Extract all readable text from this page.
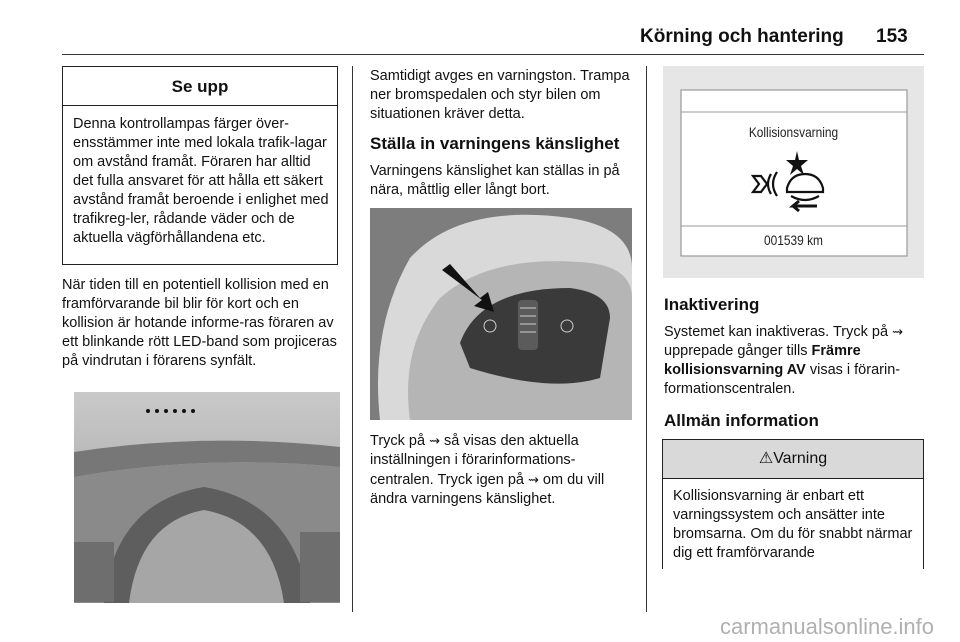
Körning och hantering 153
Se upp
Denna kontrollampas färger över-ensstämmer inte med lokala trafik-lagar om avstånd framåt. Föraren har alltid det fulla ansvaret för att hålla ett säkert avstånd framåt beroende i enlighet med trafikreg-ler, rådande väder och de aktuella vägförhållandena etc.
När tiden till en potentiell kollision med en framförvarande bil blir för kort och en kollision är hotande informe-ras föraren av ett blinkande rött LED-band som projiceras på vindrutan i förarens synfält.
Samtidigt avges en varningston. Trampa ner bromspedalen och styr bilen om situationen kräver detta.
Ställa in varningens känslighet
Varningens känslighet kan ställas in på nära, måttlig eller långt bort.
Tryck på ⇝ så visas den aktuella inställningen i förarinformations-centralen. Tryck igen på ⇝ om du vill ändra varningens känslighet.
Kollisionsvarning
001539 km
Inaktivering
Systemet kan inaktiveras. Tryck på ⇝ upprepade gånger tills Främre kollisionsvarning AV visas i förarin-formationscentralen.
Allmän information
⚠Varning
Kollisionsvarning är enbart ett varningssystem och ansätter inte bromsarna. Om du för snabbt närmar dig ett framförvarande
carmanualsonline.info
